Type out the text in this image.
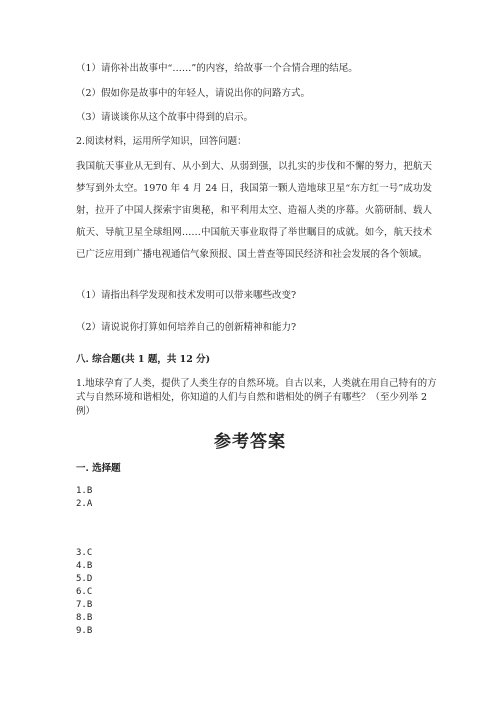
（1）请你补出故事中“……”的内容，给故事一个合情合理的结尾。
（2）假如你是故事中的年轻人，请说出你的问路方式。
（3）请谈谈你从这个故事中得到的启示。
2.阅读材料，运用所学知识，回答问题：
我国航天事业从无到有、从小到大、从弱到强，以扎实的步伐和不懈的努力，把航天梦写到外太空。1970 年 4 月 24 日，我国第一颗人造地球卫星“东方红一号”成功发射，拉开了中国人探索宇宙奥秘，和平利用太空、造福人类的序幕。火箭研制、载人航天、导航卫星全球组网……中国航天事业取得了举世瞩目的成就。如今，航天技术已广泛应用到广播电视通信气象预报、国土普查等国民经济和社会发展的各个领域。
（1）请指出科学发现和技术发明可以带来哪些改变?
（2）请说说你打算如何培养自己的创新精神和能力?
八. 综合题(共 1 题，共 12 分)
1.地球孕育了人类，提供了人类生存的自然环境。自古以来，人类就在用自己特有的方式与自然环境和谐相处，你知道的人们与自然和谐相处的例子有哪些？（至少列举 2 例）
参考答案
一. 选择题
1.B
2.A
3.C
4.B
5.D
6.C
7.B
8.B
9.B
